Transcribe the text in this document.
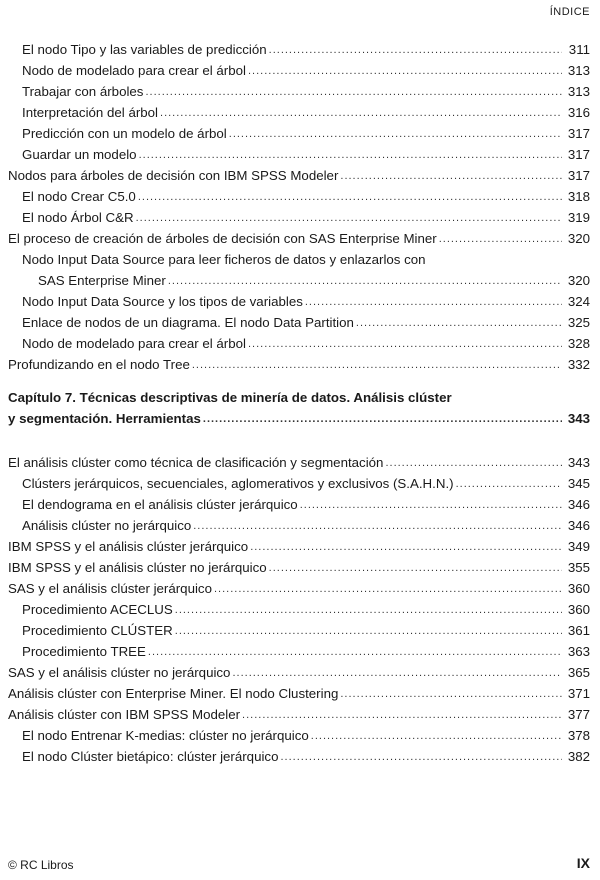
ÍNDICE
El nodo Tipo y las variables de predicción .....	311
Nodo de modelado para crear el árbol .....	313
Trabajar con árboles .....	313
Interpretación del árbol .....	316
Predicción con un modelo de árbol .....	317
Guardar un modelo .....	317
Nodos para árboles de decisión con IBM SPSS Modeler .....	317
El nodo Crear C5.0 .....	318
El nodo Árbol C&R .....	319
El proceso de creación de árboles de decisión con SAS Enterprise Miner .....	320
Nodo Input Data Source para leer ficheros de datos y enlazarlos con
SAS Enterprise Miner .....	320
Nodo Input Data Source y los tipos de variables .....	324
Enlace de nodos de un diagrama. El nodo Data Partition .....	325
Nodo de modelado para crear el árbol .....	328
Profundizando en el nodo Tree .....	332
Capítulo 7. Técnicas descriptivas de minería de datos. Análisis clúster
y segmentación. Herramientas .....	343
El análisis clúster como técnica de clasificación y segmentación .....	343
Clústers jerárquicos, secuenciales, aglomerativos y exclusivos (S.A.H.N.) .....	345
El dendograma en el análisis clúster jerárquico .....	346
Análisis clúster no jerárquico .....	346
IBM SPSS y el análisis clúster jerárquico .....	349
IBM SPSS y el análisis clúster no jerárquico .....	355
SAS y el análisis clúster jerárquico .....	360
Procedimiento ACECLUS .....	360
Procedimiento CLÚSTER .....	361
Procedimiento TREE .....	363
SAS y el análisis clúster no jerárquico .....	365
Análisis clúster con Enterprise Miner. El nodo Clustering .....	371
Análisis clúster con IBM SPSS Modeler .....	377
El nodo Entrenar K-medias: clúster no jerárquico .....	378
El nodo Clúster bietápico: clúster jerárquico .....	382
© RC Libros	IX
